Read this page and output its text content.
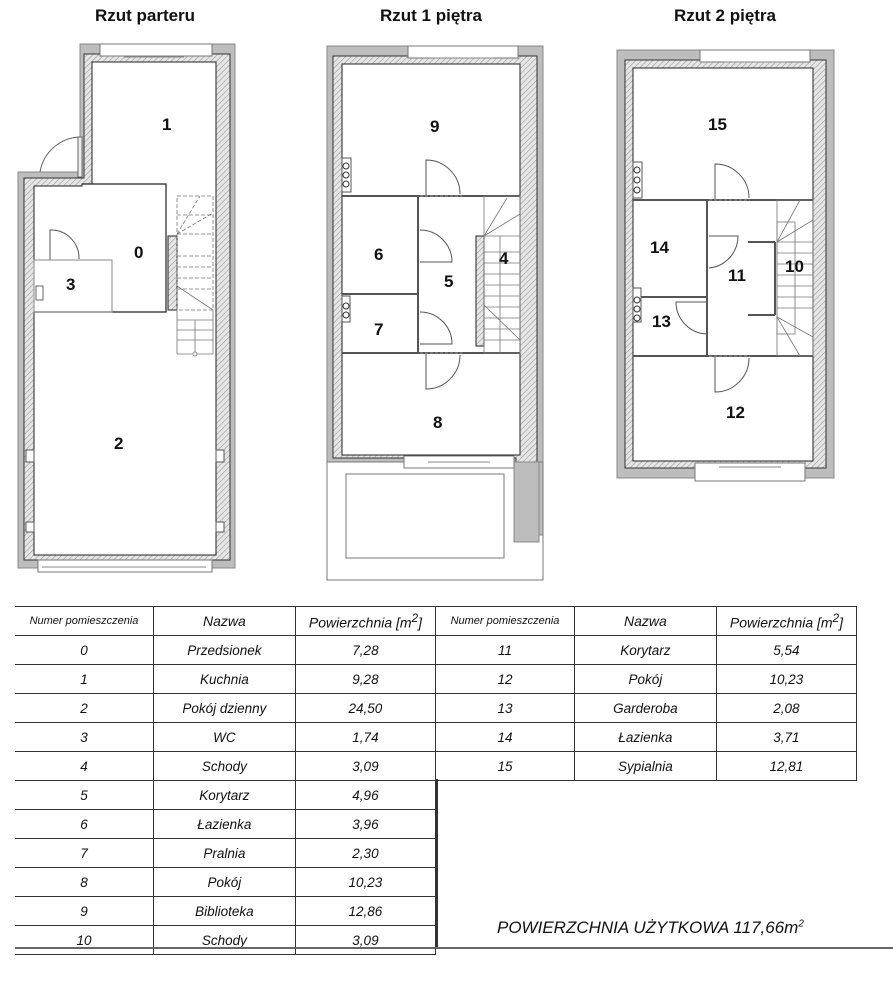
Rzut parteru	Rzut 1 piętra	Rzut 2 piętra
1
0
3
2
9
6
5
4
7
8
15
14
11 10
13
12
Numer pomieszczenia	Nazwa	Powierzchnia $[m^2]$
0	Przedsionek	7,28
1	Kuchnia	9,28
2	Pokój dzienny	24,50
3	WC	1,74
4	Schody	3,09
5	Korytarz	4,96
6	Łazienka	3,96
7	Pralnia	2,30
8	Pokój	10,23
9	Biblioteka	12,86
10	Schody	3,09
Numer pomieszczenia	Nazwa	Powierzchnia $[m^2]$
11	Korytarz	5,54
12	Pokój	10,23
13	Garderoba	2,08
14	Łazienka	3,71
15	Sypialnia	12,81
POWIERZCHNIA UŻYTKOWA $117,66m^2$
